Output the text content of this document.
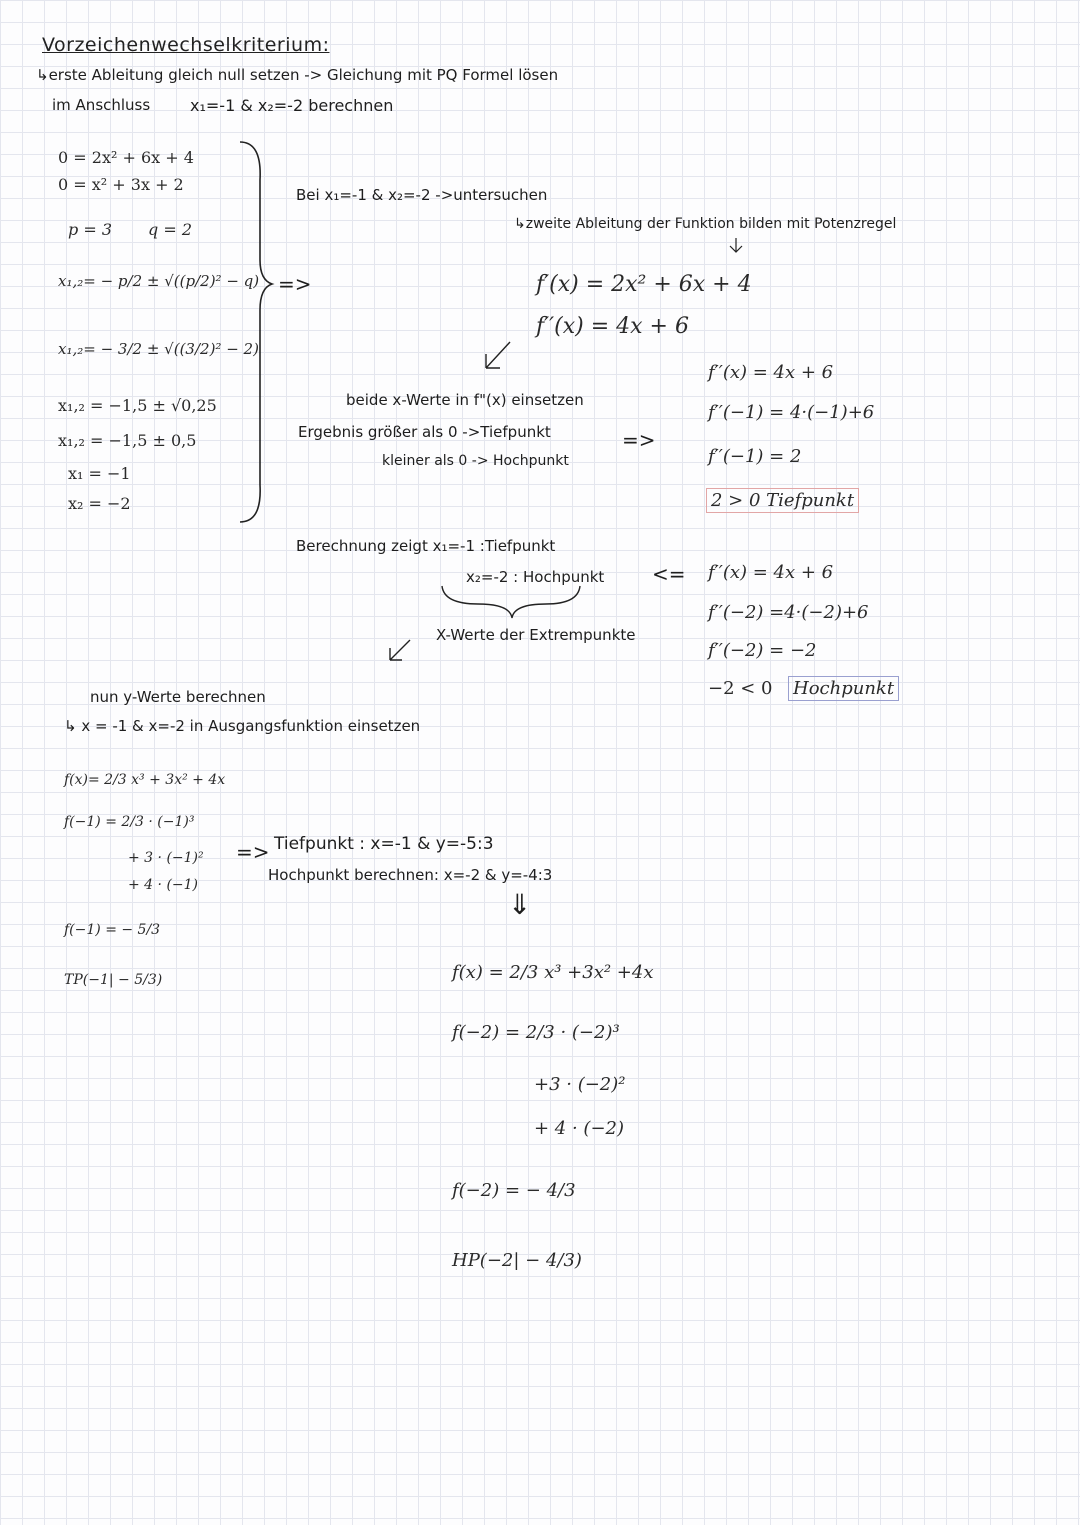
Vorzeichenwechselkriterium:
↳erste Ableitung gleich null setzen -> Gleichung mit PQ Formel lösen
im Anschluss x₁=-1 & x₂=-2 berechnen
0 = 2x² + 6x + 4
0 = x² + 3x + 2
p = 3 q = 2
x₁,₂= − p/2 ± √((p/2)² − q)
x₁,₂= − 3/2 ± √((3/2)² − 2)
x₁,₂ = −1,5 ± √0,25
x₁,₂ = −1,5 ± 0,5
x₁ = −1
x₂ = −2
=>
Bei x₁=-1 & x₂=-2 ->untersuchen
↳zweite Ableitung der Funktion bilden mit Potenzregel
f′(x) = 2x² + 6x + 4
f′′(x) = 4x + 6
beide x-Werte in f"(x) einsetzen
Ergebnis größer als 0 ->Tiefpunkt
kleiner als 0 -> Hochpunkt
=>
f′′(x) = 4x + 6
f′′(−1) = 4·(−1)+6
f′′(−1) = 2
2 > 0 Tiefpunkt
Berechnung zeigt x₁=-1 :Tiefpunkt
x₂=-2 : Hochpunkt <=
X-Werte der Extrempunkte
f′′(x) = 4x + 6
f′′(−2) =4·(−2)+6
f′′(−2) = −2
−2 < 0 Hochpunkt
nun y-Werte berechnen
↳ x = -1 & x=-2 in Ausgangsfunktion einsetzen
f(x)= 2/3 x³ + 3x² + 4x
f(−1) = 2/3 · (−1)³
+ 3 · (−1)²
+ 4 · (−1)
f(−1) = − 5/3
TP(−1| − 5/3)
=> Tiefpunkt : x=-1 & y=-5:3
Hochpunkt berechnen: x=-2 & y=-4:3
⇓
f(x) = 2/3 x³ +3x² +4x
f(−2) = 2/3 · (−2)³
+3 · (−2)²
+ 4 · (−2)
f(−2) = − 4/3
HP(−2| − 4/3)
